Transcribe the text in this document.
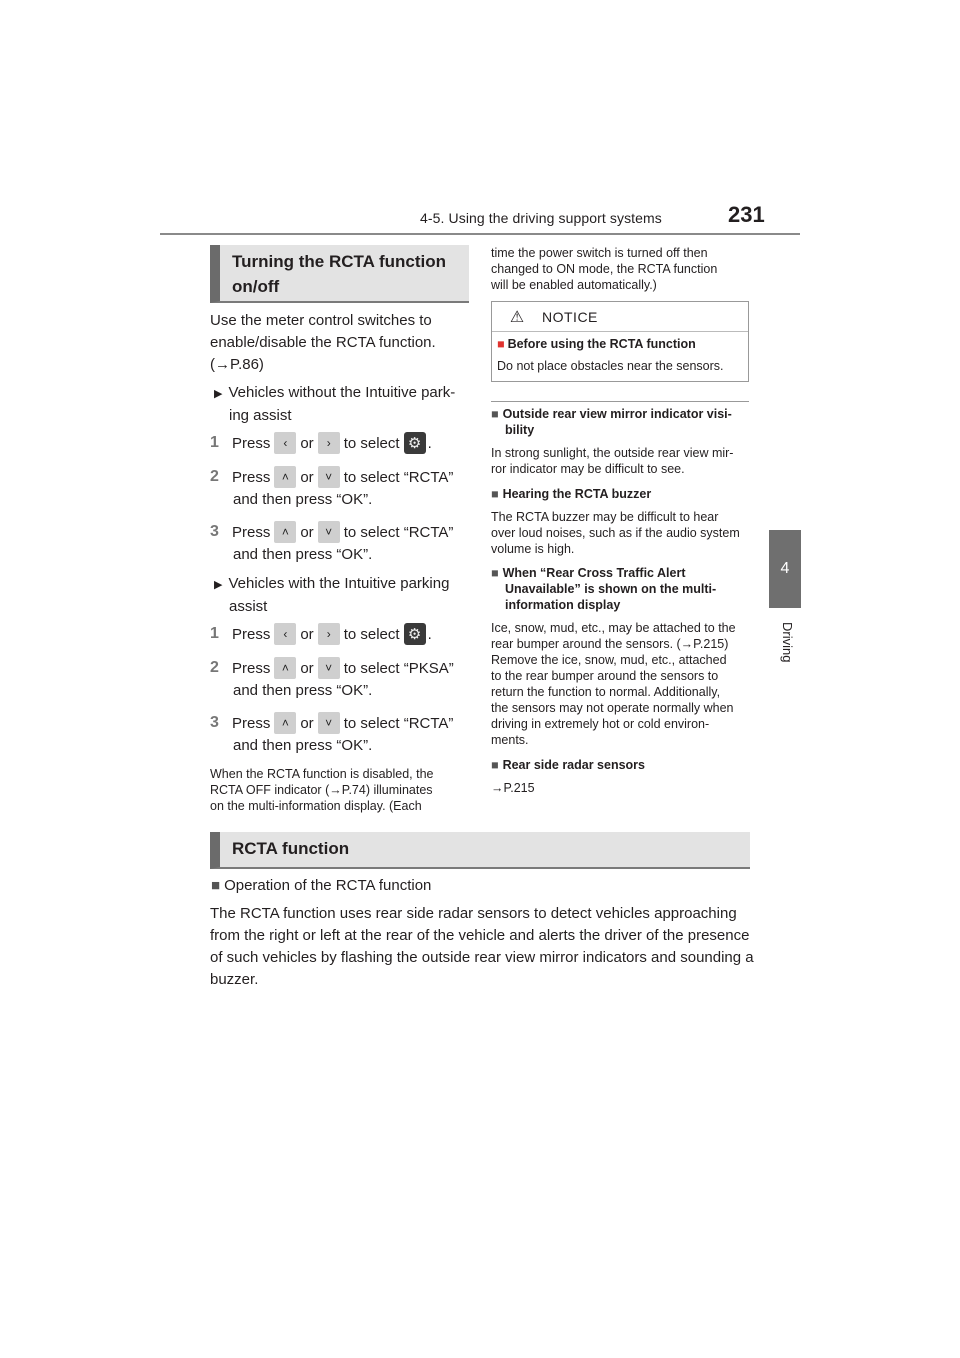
4-5. Using the driving support systems	231
4
Driving
Turning the RCTA function
on/off
Use the meter control switches to
enable/disable the RCTA function.
(→P.86)
▶ Vehicles without the Intuitive park-
ing assist
1 Press	‹ or	› to select ⚙ .
2 Press ˄ or ˅ to select “RCTA”
and then press “OK”.
3 Press ˄ or ˅ to select “RCTA”
and then press “OK”.
▶ Vehicles with the Intuitive parking
assist
1 Press	‹ or	› to select ⚙ .
2 Press ˄ or ˅ to select “PKSA”
and then press “OK”.
3 Press ˄ or ˅ to select “RCTA”
and then press “OK”.
When the RCTA function is disabled, the
RCTA OFF indicator (→P.74) illuminates
on the multi-information display. (Each
time the power switch is turned off then
changed to ON mode, the RCTA function
will be enabled automatically.)
⚠ NOTICE
■ Before using the RCTA function
Do not place obstacles near the sensors.
■ Outside rear view mirror indicator visi-
bility
In strong sunlight, the outside rear view mir-
ror indicator may be difficult to see.
■ Hearing the RCTA buzzer
The RCTA buzzer may be difficult to hear
over loud noises, such as if the audio system
volume is high.
■ When “Rear Cross Traffic Alert
Unavailable” is shown on the multi-
information display
Ice, snow, mud, etc., may be attached to the
rear bumper around the sensors. (→P.215)
Remove the ice, snow, mud, etc., attached
to the rear bumper around the sensors to
return the function to normal. Additionally,
the sensors may not operate normally when
driving in extremely hot or cold environ-
ments.
■ Rear side radar sensors
→P.215
RCTA function
■ Operation of the RCTA function
The RCTA function uses rear side radar sensors to detect vehicles approaching
from the right or left at the rear of the vehicle and alerts the driver of the presence
of such vehicles by flashing the outside rear view mirror indicators and sounding a
buzzer.
